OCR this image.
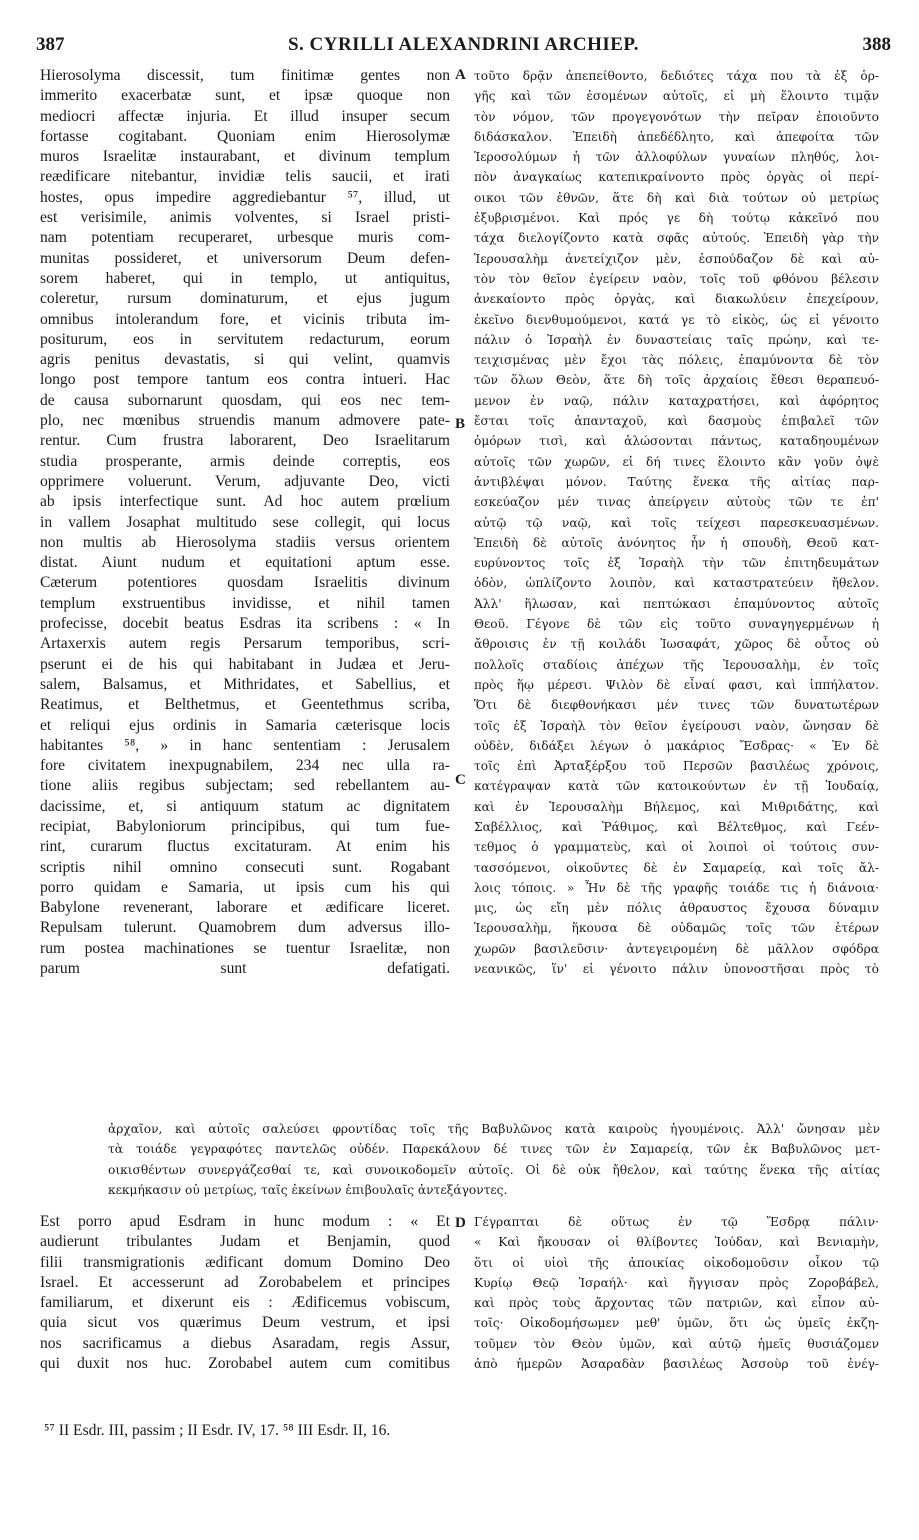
387	S. CYRILLI ALEXANDRINI ARCHIEP.	388
Hierosolyma discessit, tum finitimæ gentes non
immerito exacerbatæ sunt, et ipsæ quoque non
mediocri affectæ injuria. Et illud insuper secum
fortasse cogitabant. Quoniam enim Hierosolymæ
muros Israelitæ instaurabant, et divinum templum
reædificare nitebantur, invidiæ telis saucii, et irati
hostes, opus impedire aggrediebantur ⁵⁷, illud, ut
est verisimile, animis volventes, si Israel pristi-
nam potentiam recuperaret, urbesque muris com-
munitas possideret, et universorum Deum defen-
sorem haberet, qui in templo, ut antiquitus,
coleretur, rursum dominaturum, et ejus jugum
omnibus intolerandum fore, et vicinis tributa im-
positurum, eos in servitutem redacturum, eorum
agris penitus devastatis, si qui velint, quamvis
longo post tempore tantum eos contra intueri. Hac
de causa subornarunt quosdam, qui eos nec tem-
plo, nec mœnibus struendis manum admovere pate-
rentur. Cum frustra laborarent, Deo Israelitarum
studia prosperante, armis deinde correptis, eos
opprimere voluerunt. Verum, adjuvante Deo, victi
ab ipsis interfectique sunt. Ad hoc autem prœlium
in vallem Josaphat multitudo sese collegit, qui locus
non multis ab Hierosolyma stadiis versus orientem
distat. Aiunt nudum et equitationi aptum esse.
Cæterum potentiores quosdam Israelitis divinum
templum exstruentibus invidisse, et nihil tamen
profecisse, docebit beatus Esdras ita scribens : « In
Artaxerxis autem regis Persarum temporibus, scri-
pserunt ei de his qui habitabant in Judæa et Jeru-
salem, Balsamus, et Mithridates, et Sabellius, et
Reatimus, et Belthetmus, et Geentethmus scriba,
et reliqui ejus ordinis in Samaria cæterisque locis
habitantes ⁵⁸, » in hanc sententiam : Jerusalem
fore civitatem inexpugnabilem, 234 nec ulla ra-
tione aliis regibus subjectam; sed rebellantem au-
dacissime, et, si antiquum statum ac dignitatem
recipiat, Babyloniorum principibus, qui tum fue-
rint, curarum fluctus excitaturam. At enim his
scriptis nihil omnino consecuti sunt. Rogabant
porro quidam e Samaria, ut ipsis cum his qui
Babylone revenerant, laborare et ædificare liceret.
Repulsam tulerunt. Quamobrem dum adversus illo-
rum postea machinationes se tuentur Israelitæ, non
parum sunt defatigati.
τοῦτο δρᾷν ἀπεπείθοντο, δεδιότες τάχα που τὰ ἐξ ὁρ-
γῆς καὶ τῶν ἐσομένων αὐτοῖς, εἰ μὴ ἕλοιντο τιμᾷν
τὸν νόμον, τῶν προγεγονότων τὴν πεῖραν ἐποιοῦντο
διδάσκαλον. Ἐπειδὴ ἀπεδέδλητο, καὶ ἀπεφοίτα τῶν
Ἱεροσολύμων ἡ τῶν ἀλλοφύλων γυναίων πληθύς, λοι-
πὸν ἀναγκαίως κατεπικραίνοντο πρὸς ὀργὰς οἱ περί-
οικοι τῶν ἐθνῶν, ἅτε δὴ καὶ διὰ τούτων οὐ μετρίως
ἐξυβρισμένοι. Καὶ πρός γε δὴ τούτῳ κἀκεῖνό που
τάχα διελογίζοντο κατὰ σφᾶς αὐτούς. Ἐπειδὴ γὰρ τὴν
Ἱερουσαλὴμ ἀνετείχιζον μὲν, ἐσπούδαζον δὲ καὶ αὐ-
τὸν τὸν θεῖον ἐγείρειν ναὸν, τοῖς τοῦ φθόνου βέλεσιν
ἀνεκαίοντο πρὸς ὀργὰς, καὶ διακωλύειν ἐπεχείρουν,
ἐκεῖνο διενθυμούμενοι, κατά γε τὸ εἰκὸς, ὡς εἰ γένοιτο
πάλιν ὁ Ἰσραὴλ ἐν δυναστείαις ταῖς πρώην, καὶ τε-
τειχισμένας μὲν ἔχοι τὰς πόλεις, ἐπαμύνοντα δὲ τὸν
τῶν ὅλων Θεὸν, ἅτε δὴ τοῖς ἀρχαίοις ἔθεσι θεραπευό-
μενον ἐν ναῷ, πάλιν καταχρατήσει, καὶ ἀφόρητος
ἔσται τοῖς ἁπανταχοῦ, καὶ δασμοὺς ἐπιβαλεῖ τῶν
ὁμόρων τισὶ, καὶ ἁλώσονται πάντως, καταδηουμένων
αὐτοῖς τῶν χωρῶν, εἰ δή τινες ἕλοιντο κἂν γοῦν ὀψὲ
ἀντιβλέψαι μόνον. Ταύτης ἕνεκα τῆς αἰτίας παρ-
εσκεύαζον μέν τινας ἀπείργειν αὐτοὺς τῶν τε ἐπ'
αὐτῷ τῷ ναῷ, καὶ τοῖς τείχεσι παρεσκευασμένων.
Ἐπειδὴ δὲ αὐτοῖς ἀνόνητος ἦν ἡ σπουδὴ, Θεοῦ κατ-
ευρύνοντος τοῖς ἐξ Ἰσραὴλ τὴν τῶν ἐπιτηδευμάτων
ὁδὸν, ὡπλίζοντο λοιπὸν, καὶ καταστρατεύειν ἤθελον.
Ἀλλ' ἥλωσαν, καὶ πεπτώκασι ἐπαμύνοντος αὐτοῖς
Θεοῦ. Γέγονε δὲ τῶν εἰς τοῦτο συναγηγερμένων ἡ
ἄθροισις ἐν τῇ κοιλάδι Ἰωσαφάτ, χῶρος δὲ οὗτος οὐ
πολλοῖς σταδίοις ἀπέχων τῆς Ἱερουσαλὴμ, ἐν τοῖς
πρὸς ἥῳ μέρεσι. Ψιλὸν δὲ εἶναί φασι, καὶ ἱππήλατον.
Ὅτι δὲ διεφθονήκασι μέν τινες τῶν δυνατωτέρων
τοῖς ἐξ Ἰσραὴλ τὸν θεῖον ἐγείρουσι ναὸν, ὤνησαν δὲ
οὐδὲν, διδάξει λέγων ὁ μακάριος Ἔσδρας· « Ἐν δὲ
τοῖς ἐπὶ Ἀρταξέρξου τοῦ Περσῶν βασιλέως χρόνοις,
κατέγραψαν κατὰ τῶν κατοικούντων ἐν τῇ Ἰουδαίᾳ,
καὶ ἐν Ἱερουσαλὴμ Βήλεμος, καὶ Μιθριδάτης, καὶ
Σαβέλλιος, καὶ Ῥάθιμος, καὶ Βέλτεθμος, καὶ Γεέν-
τεθμος ὁ γραμματεὺς, καὶ οἱ λοιποὶ οἱ τούτοις συν-
τασσόμενοι, οἰκοῦντες δὲ ἐν Σαμαρείᾳ, καὶ τοῖς ἄλ-
λοις τόποις. » Ἦν δὲ τῆς γραφῆς τοιάδε τις ἡ διάνοια·
μις, ὡς εἴη μὲν πόλις ἀθραυστος ἔχουσα δύναμιν
Ἱερουσαλὴμ, ἥκουσα δὲ οὐδαμῶς τοῖς τῶν ἑτέρων
χωρῶν βασιλεῦσιν· ἀντεγειρομένη δὲ μᾶλλον σφόδρα
νεανικῶς, ἵν' εἰ γένοιτο πάλιν ὑπονοστῆσαι πρὸς τὸ
A
B
C
D
ἀρχαῖον, καὶ αὐτοῖς σαλεύσει φροντίδας τοῖς τῆς Βαβυλῶνος κατὰ καιροὺς ἡγουμένοις. Ἀλλ' ὤνησαν μὲν
τὰ τοιάδε γεγραφότες παντελῶς οὐδέν. Παρεκάλουν δέ τινες τῶν ἐν Σαμαρείᾳ, τῶν ἐκ Βαβυλῶνος μετ-
οικισθέντων συνεργάζεσθαί τε, καὶ συνοικοδομεῖν αὐτοῖς. Οἱ δὲ οὐκ ἤθελον, καὶ ταύτης ἕνεκα τῆς αἰτίας
κεκμήκασιν οὐ μετρίως, ταῖς ἐκείνων ἐπιβουλαῖς ἀντεξάγοντες.
Est porro apud Esdram in hunc modum : « Et
audierunt tribulantes Judam et Benjamin, quod
filii transmigrationis ædificant domum Domino Deo
Israel. Et accesserunt ad Zorobabelem et principes
familiarum, et dixerunt eis : Ædificemus vobiscum,
quia sicut vos quærimus Deum vestrum, et ipsi
nos sacrificamus a diebus Asaradam, regis Assur,
qui duxit nos huc. Zorobabel autem cum comitibus
Γέγραπται δὲ οὕτως ἐν τῷ Ἔσδρᾳ πάλιν·
« Καὶ ἤκουσαν οἱ θλίβοντες Ἰούδαν, καὶ Βενιαμὴν,
ὅτι οἱ υἱοὶ τῆς ἀποικίας οἰκοδομοῦσιν οἶκον τῷ
Κυρίῳ Θεῷ Ἰσραήλ· καὶ ἤγγισαν πρὸς Ζοροβάβελ,
καὶ πρὸς τοὺς ἄρχοντας τῶν πατριῶν, καὶ εἶπον αὐ-
τοῖς· Οἰκοδομήσωμεν μεθ' ὑμῶν, ὅτι ὡς ὑμεῖς ἐκζη-
τοῦμεν τὸν Θεὸν ὑμῶν, καὶ αὐτῷ ἡμεῖς θυσιάζομεν
ἀπὸ ἡμερῶν Ἀσαραδὰν βασιλέως Ἀσσοὺρ τοῦ ἐνέγ-
⁵⁷ II Esdr. III, passim ; II Esdr. IV, 17. ⁵⁸ III Esdr. II, 16.
